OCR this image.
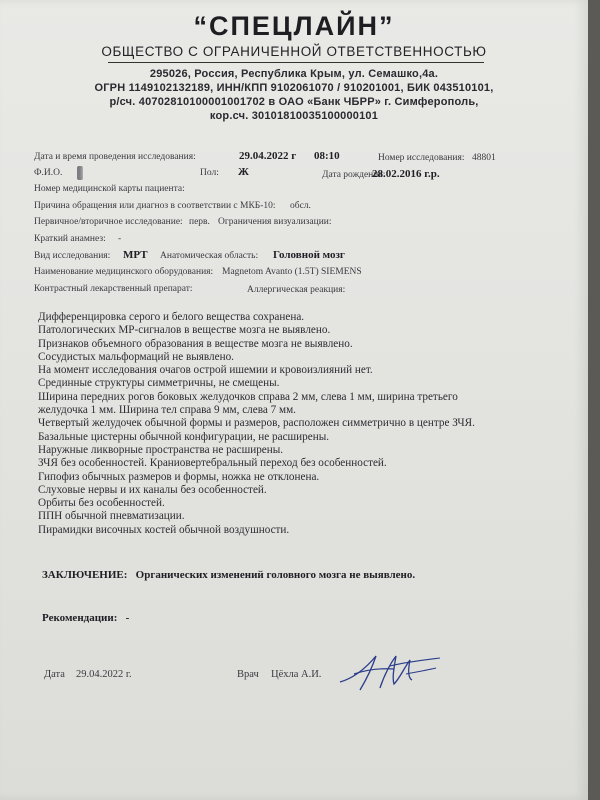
“СПЕЦЛАЙН”
ОБЩЕСТВО С ОГРАНИЧЕННОЙ ОТВЕТСТВЕННОСТЬЮ
295026, Россия, Республика Крым, ул. Семашко,4а.
ОГРН 1149102132189, ИНН/КПП 9102061070 / 910201001, БИК 043510101,
р/сч. 40702810100001001702 в ОАО «Банк ЧБРР» г. Симферополь,
кор.сч. 30101810035100000101
Дата и время проведения исследования:	29.04.2022 г 08:10	Номер исследования: 48801
Ф.И.О.	Пол: Ж	Дата рождения:
28.02.2016 г.р.
Номер медицинской карты пациента:
Причина обращения или диагноз в соответствии с МКБ-10: обсл.
Первичное/вторичное исследование: перв. Ограничения визуализации:
Краткий анамнез: -
Вид исследования: МРТ Анатомическая область: Головной мозг
Наименование медицинского оборудования: Magnetom Avanto (1.5T) SIEMENS
Контрастный лекарственный препарат:	Аллергическая реакция:
Дифференцировка серого и белого вещества сохранена.
Патологических МР-сигналов в веществе мозга не выявлено.
Признаков объемного образования в веществе мозга не выявлено.
Сосудистых мальформаций не выявлено.
На момент исследования очагов острой ишемии и кровоизлияний нет.
Срединные структуры симметричны, не смещены.
Ширина передних рогов боковых желудочков справа 2 мм, слева 1 мм, ширина третьего
желудочка 1 мм. Ширина тел справа 9 мм, слева 7 мм.
Четвертый желудочек обычной формы и размеров, расположен симметрично в центре ЗЧЯ.
Базальные цистерны обычной конфигурации, не расширены.
Наружные ликворные пространства не расширены.
ЗЧЯ без особенностей. Краниовертебральный переход без особенностей.
Гипофиз обычных размеров и формы, ножка не отклонена.
Слуховые нервы и их каналы без особенностей.
Орбиты без особенностей.
ППН обычной пневматизации.
Пирамидки височных костей обычной воздушности.
ЗАКЛЮЧЕНИЕ: Органических изменений головного мозга не выявлено.
Рекомендации: -
Дата 29.04.2022 г.	Врач Цёхла А.И.
